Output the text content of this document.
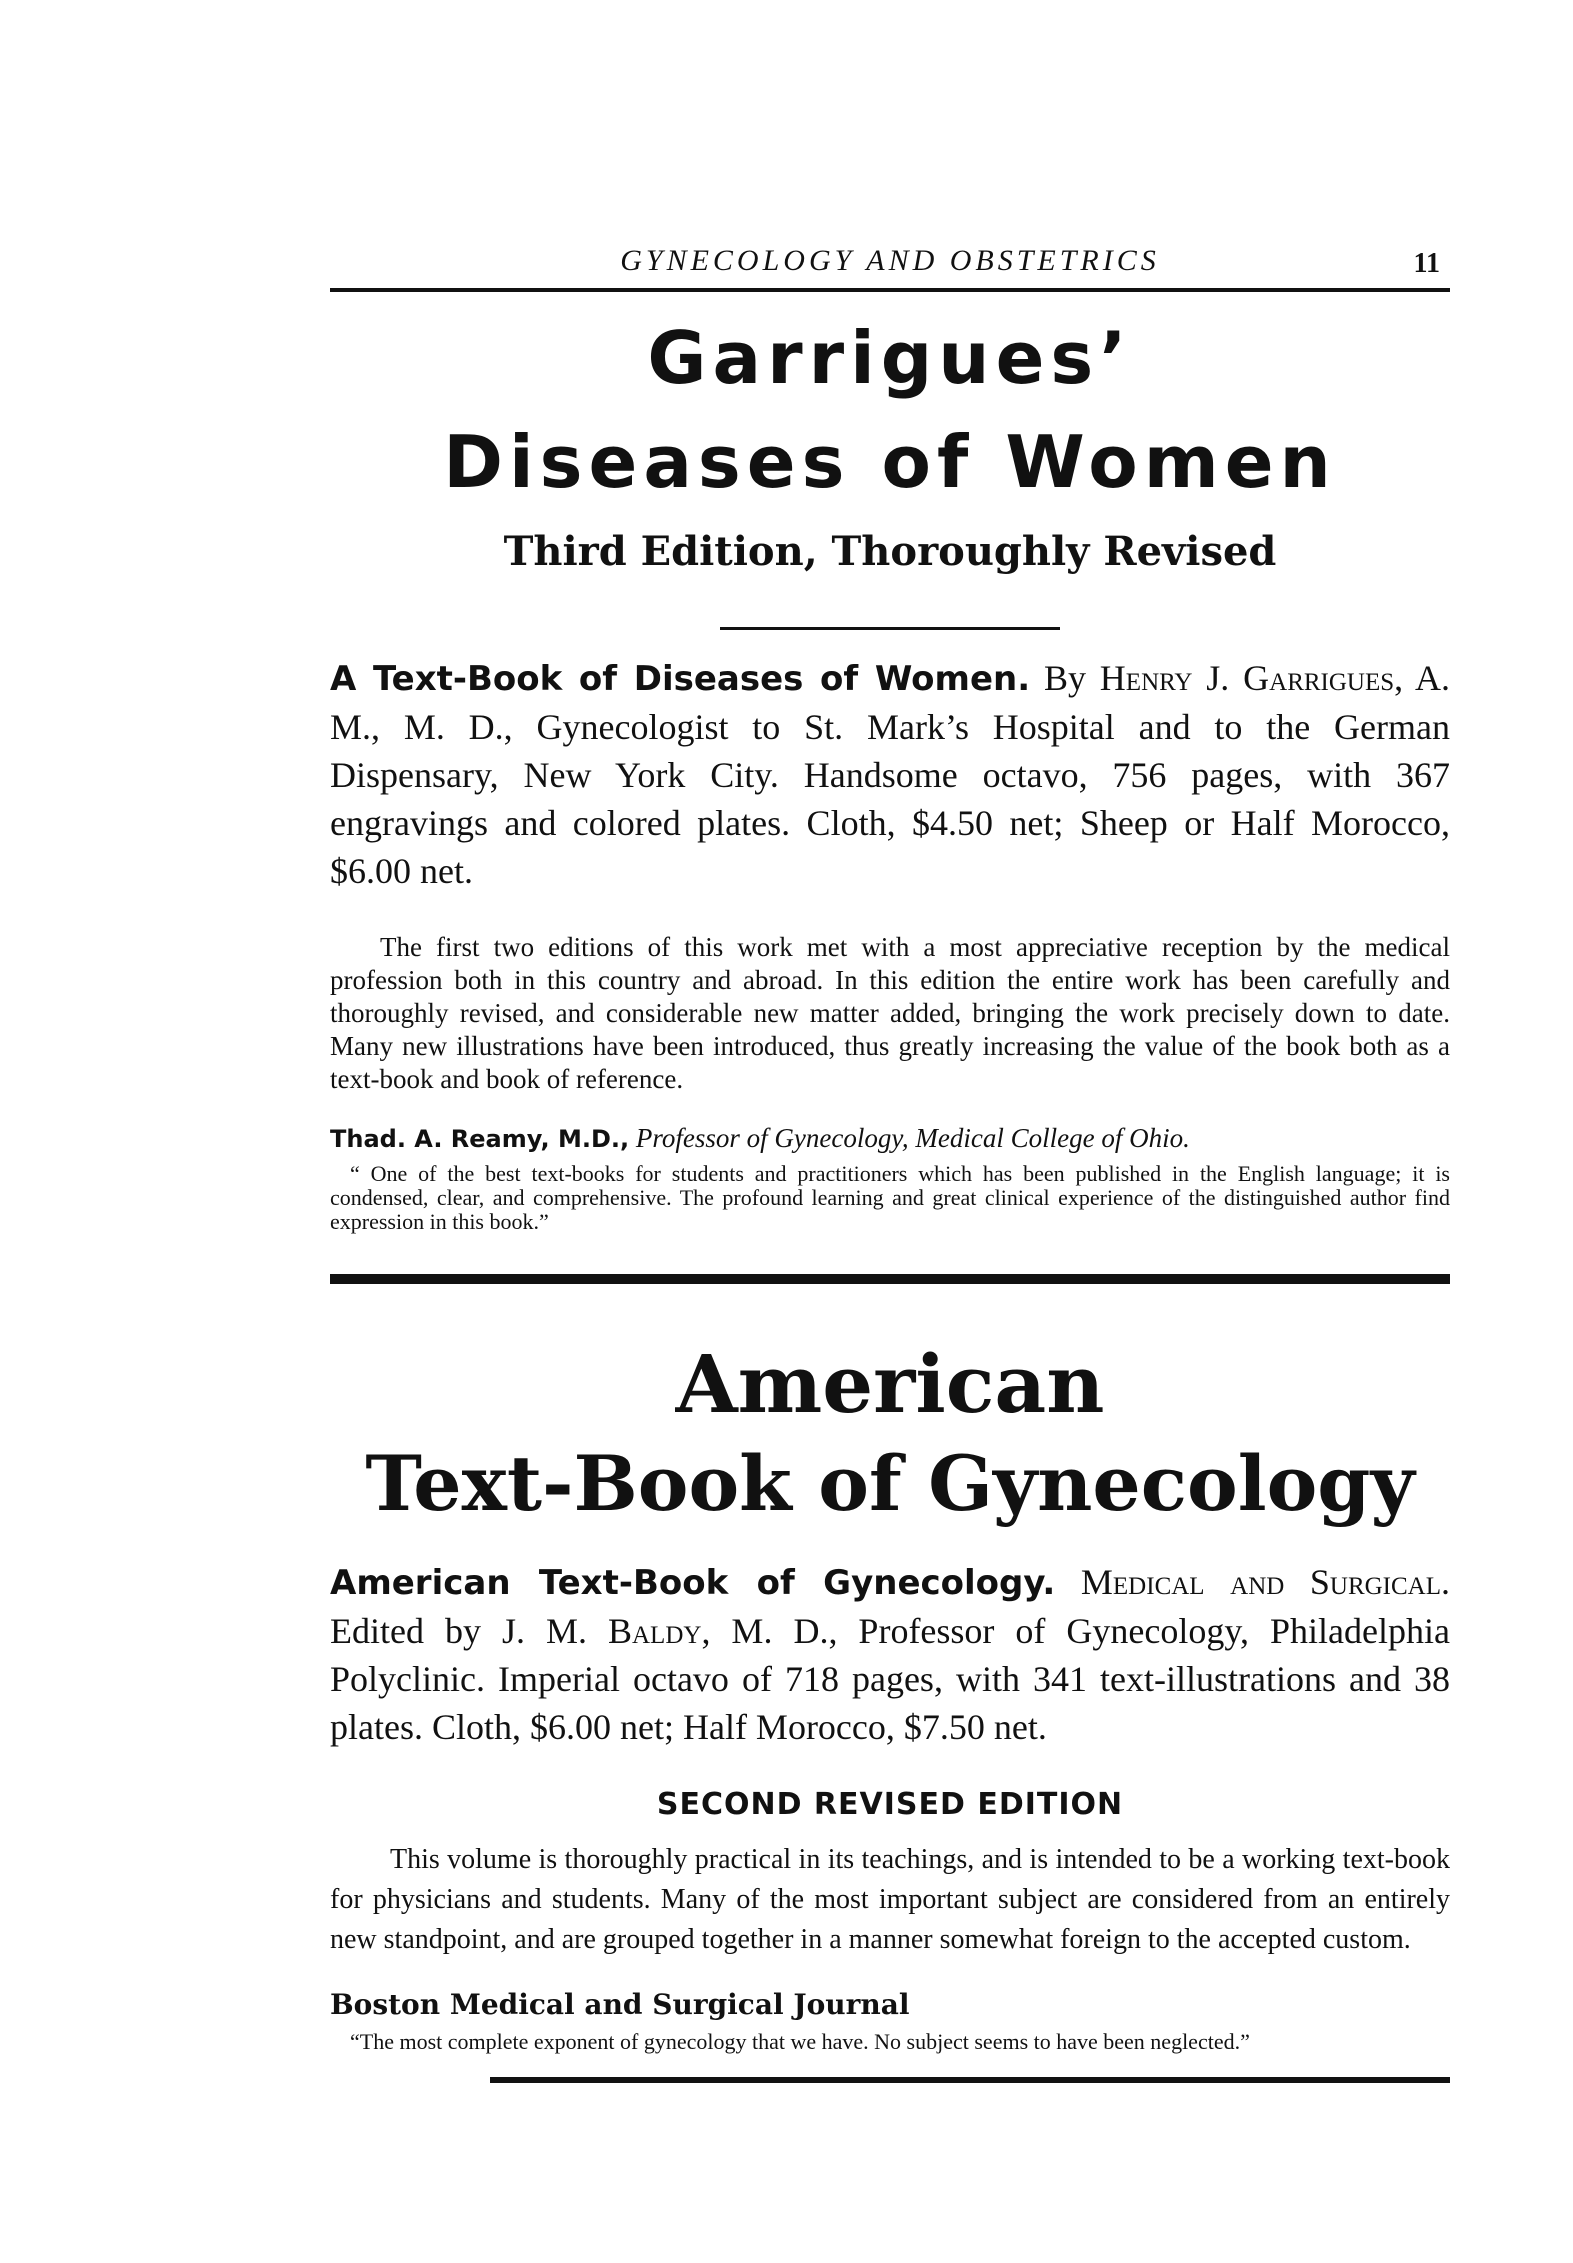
GYNECOLOGY AND OBSTETRICS	11
Garrigues’
Diseases of Women
Third Edition, Thoroughly Revised

A Text-Book of Diseases of Women. By Henry J. Garrigues, A. M., M. D., Gynecologist to St. Mark’s Hospital and to the German Dispensary, New York City. Handsome octavo, 756 pages, with 367 engravings and colored plates. Cloth, $4.50 net; Sheep or Half Morocco, $6.00 net.

The first two editions of this work met with a most appreciative reception by the medical profession both in this country and abroad. In this edition the entire work has been carefully and thoroughly revised, and considerable new matter added, bringing the work precisely down to date. Many new illustrations have been introduced, thus greatly increasing the value of the book both as a text-book and book of reference.

Thad. A. Reamy, M.D., Professor of Gynecology, Medical College of Ohio.

“ One of the best text-books for students and practitioners which has been published in the English language; it is condensed, clear, and comprehensive. The profound learning and great clinical experience of the distinguished author find expression in this book.”

American
Text-Book of Gynecology

American Text-Book of Gynecology. Medical and Surgical. Edited by J. M. Baldy, M. D., Professor of Gynecology, Philadelphia Polyclinic. Imperial octavo of 718 pages, with 341 text-illustrations and 38 plates. Cloth, $6.00 net; Half Morocco, $7.50 net.

SECOND REVISED EDITION

This volume is thoroughly practical in its teachings, and is intended to be a working text-book for physicians and students. Many of the most important subject are considered from an entirely new standpoint, and are grouped together in a manner somewhat foreign to the accepted custom.

Boston Medical and Surgical Journal

“The most complete exponent of gynecology that we have. No subject seems to have been neglected.”
